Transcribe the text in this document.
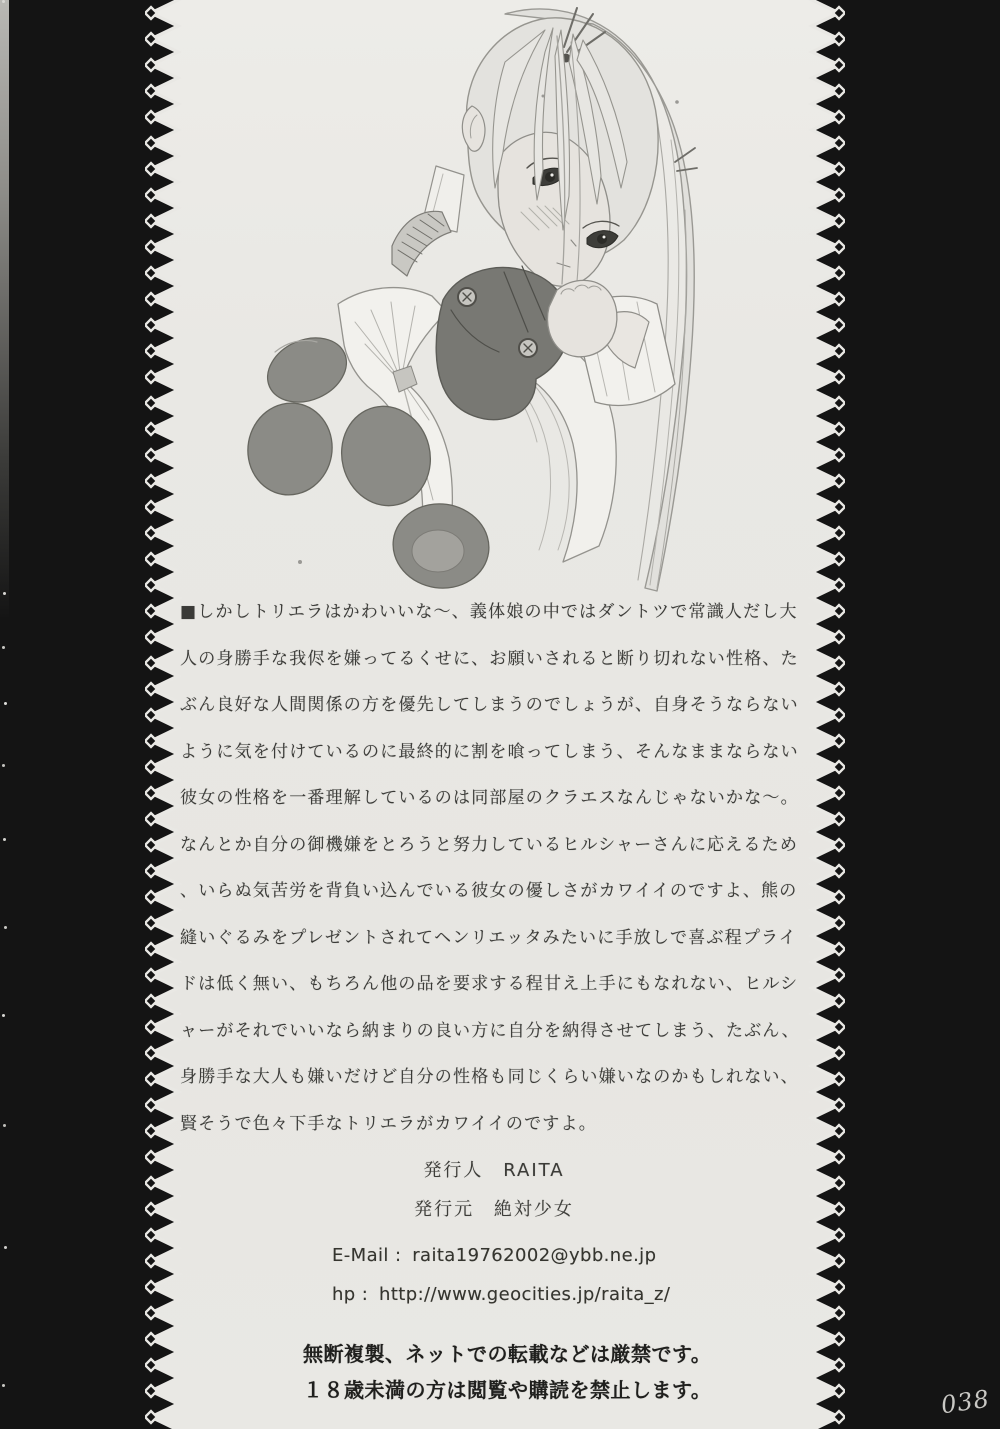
■しかしトリエラはかわいいな～、義体娘の中ではダントツで常識人だし大
人の身勝手な我侭を嫌ってるくせに、お願いされると断り切れない性格、た
ぶん良好な人間関係の方を優先してしまうのでしょうが、自身そうならない
ように気を付けているのに最終的に割を喰ってしまう、そんなままならない
彼女の性格を一番理解しているのは同部屋のクラエスなんじゃないかな～。
なんとか自分の御機嫌をとろうと努力しているヒルシャーさんに応えるため
、いらぬ気苦労を背負い込んでいる彼女の優しさがカワイイのですよ、熊の
縫いぐるみをプレゼントされてヘンリエッタみたいに手放しで喜ぶ程プライ
ドは低く無い、もちろん他の品を要求する程甘え上手にもなれない、ヒルシ
ャーがそれでいいなら納まりの良い方に自分を納得させてしまう、たぶん、
身勝手な大人も嫌いだけど自分の性格も同じくらい嫌いなのかもしれない、
賢そうで色々下手なトリエラがカワイイのですよ。
発行人 RAITA
発行元 絶対少女
E-Mail : raita19762002@ybb.ne.jp
hp : http://www.geocities.jp/raita_z/
無断複製、ネットでの転載などは厳禁です。
１８歳未満の方は閲覧や購読を禁止します。	038
